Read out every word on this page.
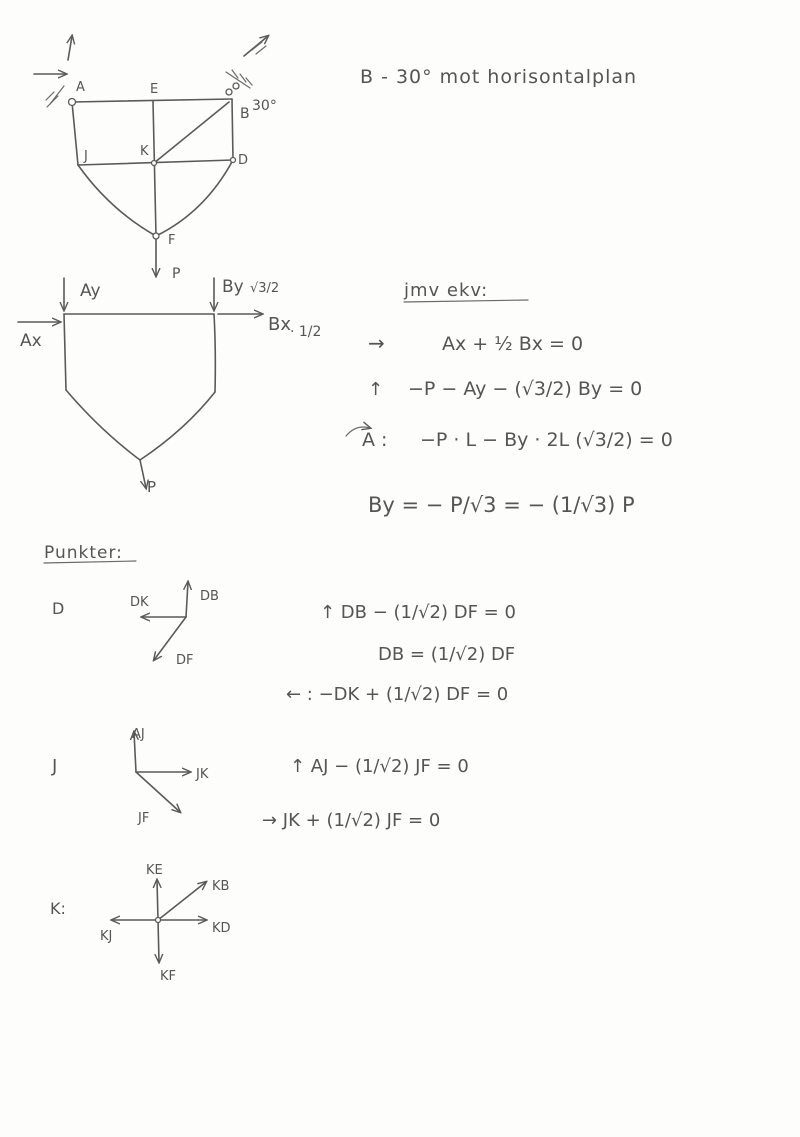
A	E
B 30°
J	K
D
F
P
B - 30° mot horisontalplan
Ay
Ax
By √3/2
Bx
· 1/2
P
jmv ekv:
→	Ax + ½ Bx = 0
↑ −P − Ay − (√3/2) By = 0
A : −P · L − By · 2L (√3/2) = 0
By = − P/√3 = − (1/√3) P
Punkter:
D	DK	DB
DF
↑ DB − (1/√2) DF = 0
DB = (1/√2) DF
← : −DK + (1/√2) DF = 0
J
AJ
JK
JF
↑ AJ − (1/√2) JF = 0
→ JK + (1/√2) JF = 0
K:
KE
KB
KJ
KD
KF
